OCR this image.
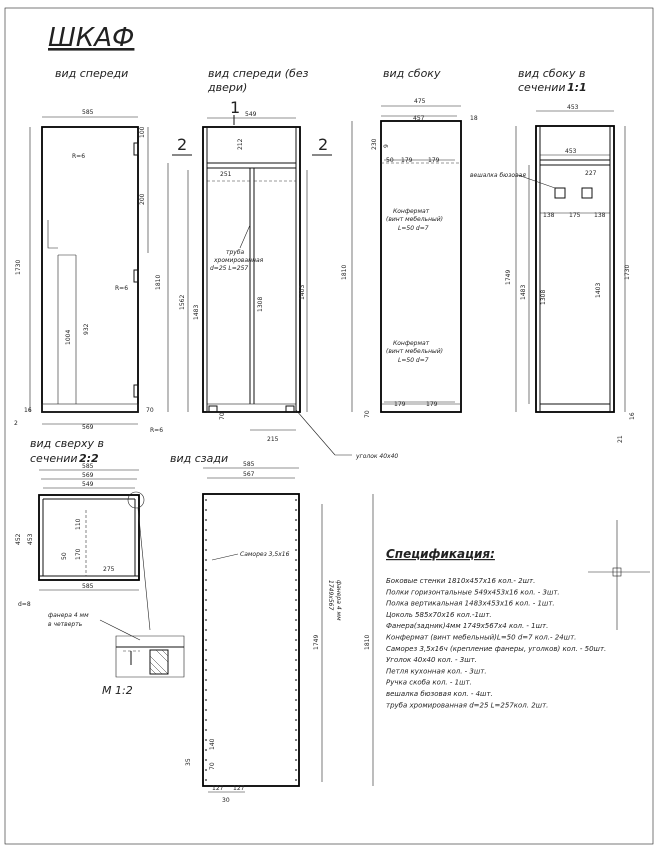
ШКАФ
вид спереди	вид спереди (без
двери)
вид сбоку	вид сбоку в
сечении 1:1
вид сверху в
сечении 2:2	вид сзади
585
1730
R=6
R=6
R=6
200
100
1004
932
569
16	70
2
1
2	2
549
212
251
1810
1562
1483
1308
1403
труба
хромированная
d=25 L=257
215
70
уголок 40х40
475
457	18
230 9
1810
50 179	179
Конфермат
(винт мебельный)
L=50 d=7
Конфермат
(винт мебельный)
L=50 d=7
179	179
70
453
453
227
вешалка бюзовая
138 175 138
1749
1483 1308	1403
1730
21
16
585
569
549
452 453
110
50 170
275
585
d=8
фанера 4 мм
в четверть
М 1:2
585
567
Саморез 3,5х16
фанера 4 мм
1749х567
1749	1810
140
70
35
127 127
30
Спецификация:
Боковые стенки 1810х457х16 кол.- 2шт.
Полки горизонтальные 549х453х16 кол. - 3шт.
Полка вертикальная 1483х453х16 кол. - 1шт.
Цоколь 585х70х16 кол.-1шт.
Фанера(задник)4мм 1749х567х4 кол. - 1шт.
Конфермат (винт мебельный)L=50 d=7 кол.- 24шт.
Саморез 3,5х16ч (крепление фанеры, уголков) кол. - 50шт.
Уголок 40х40 кол. - 3шт.
Петля кухонная кол. - 3шт.
Ручка скоба кол. - 1шт.
вешалка бюзовая кол. - 4шт.
труба хромированная d=25 L=257кол. 2шт.
